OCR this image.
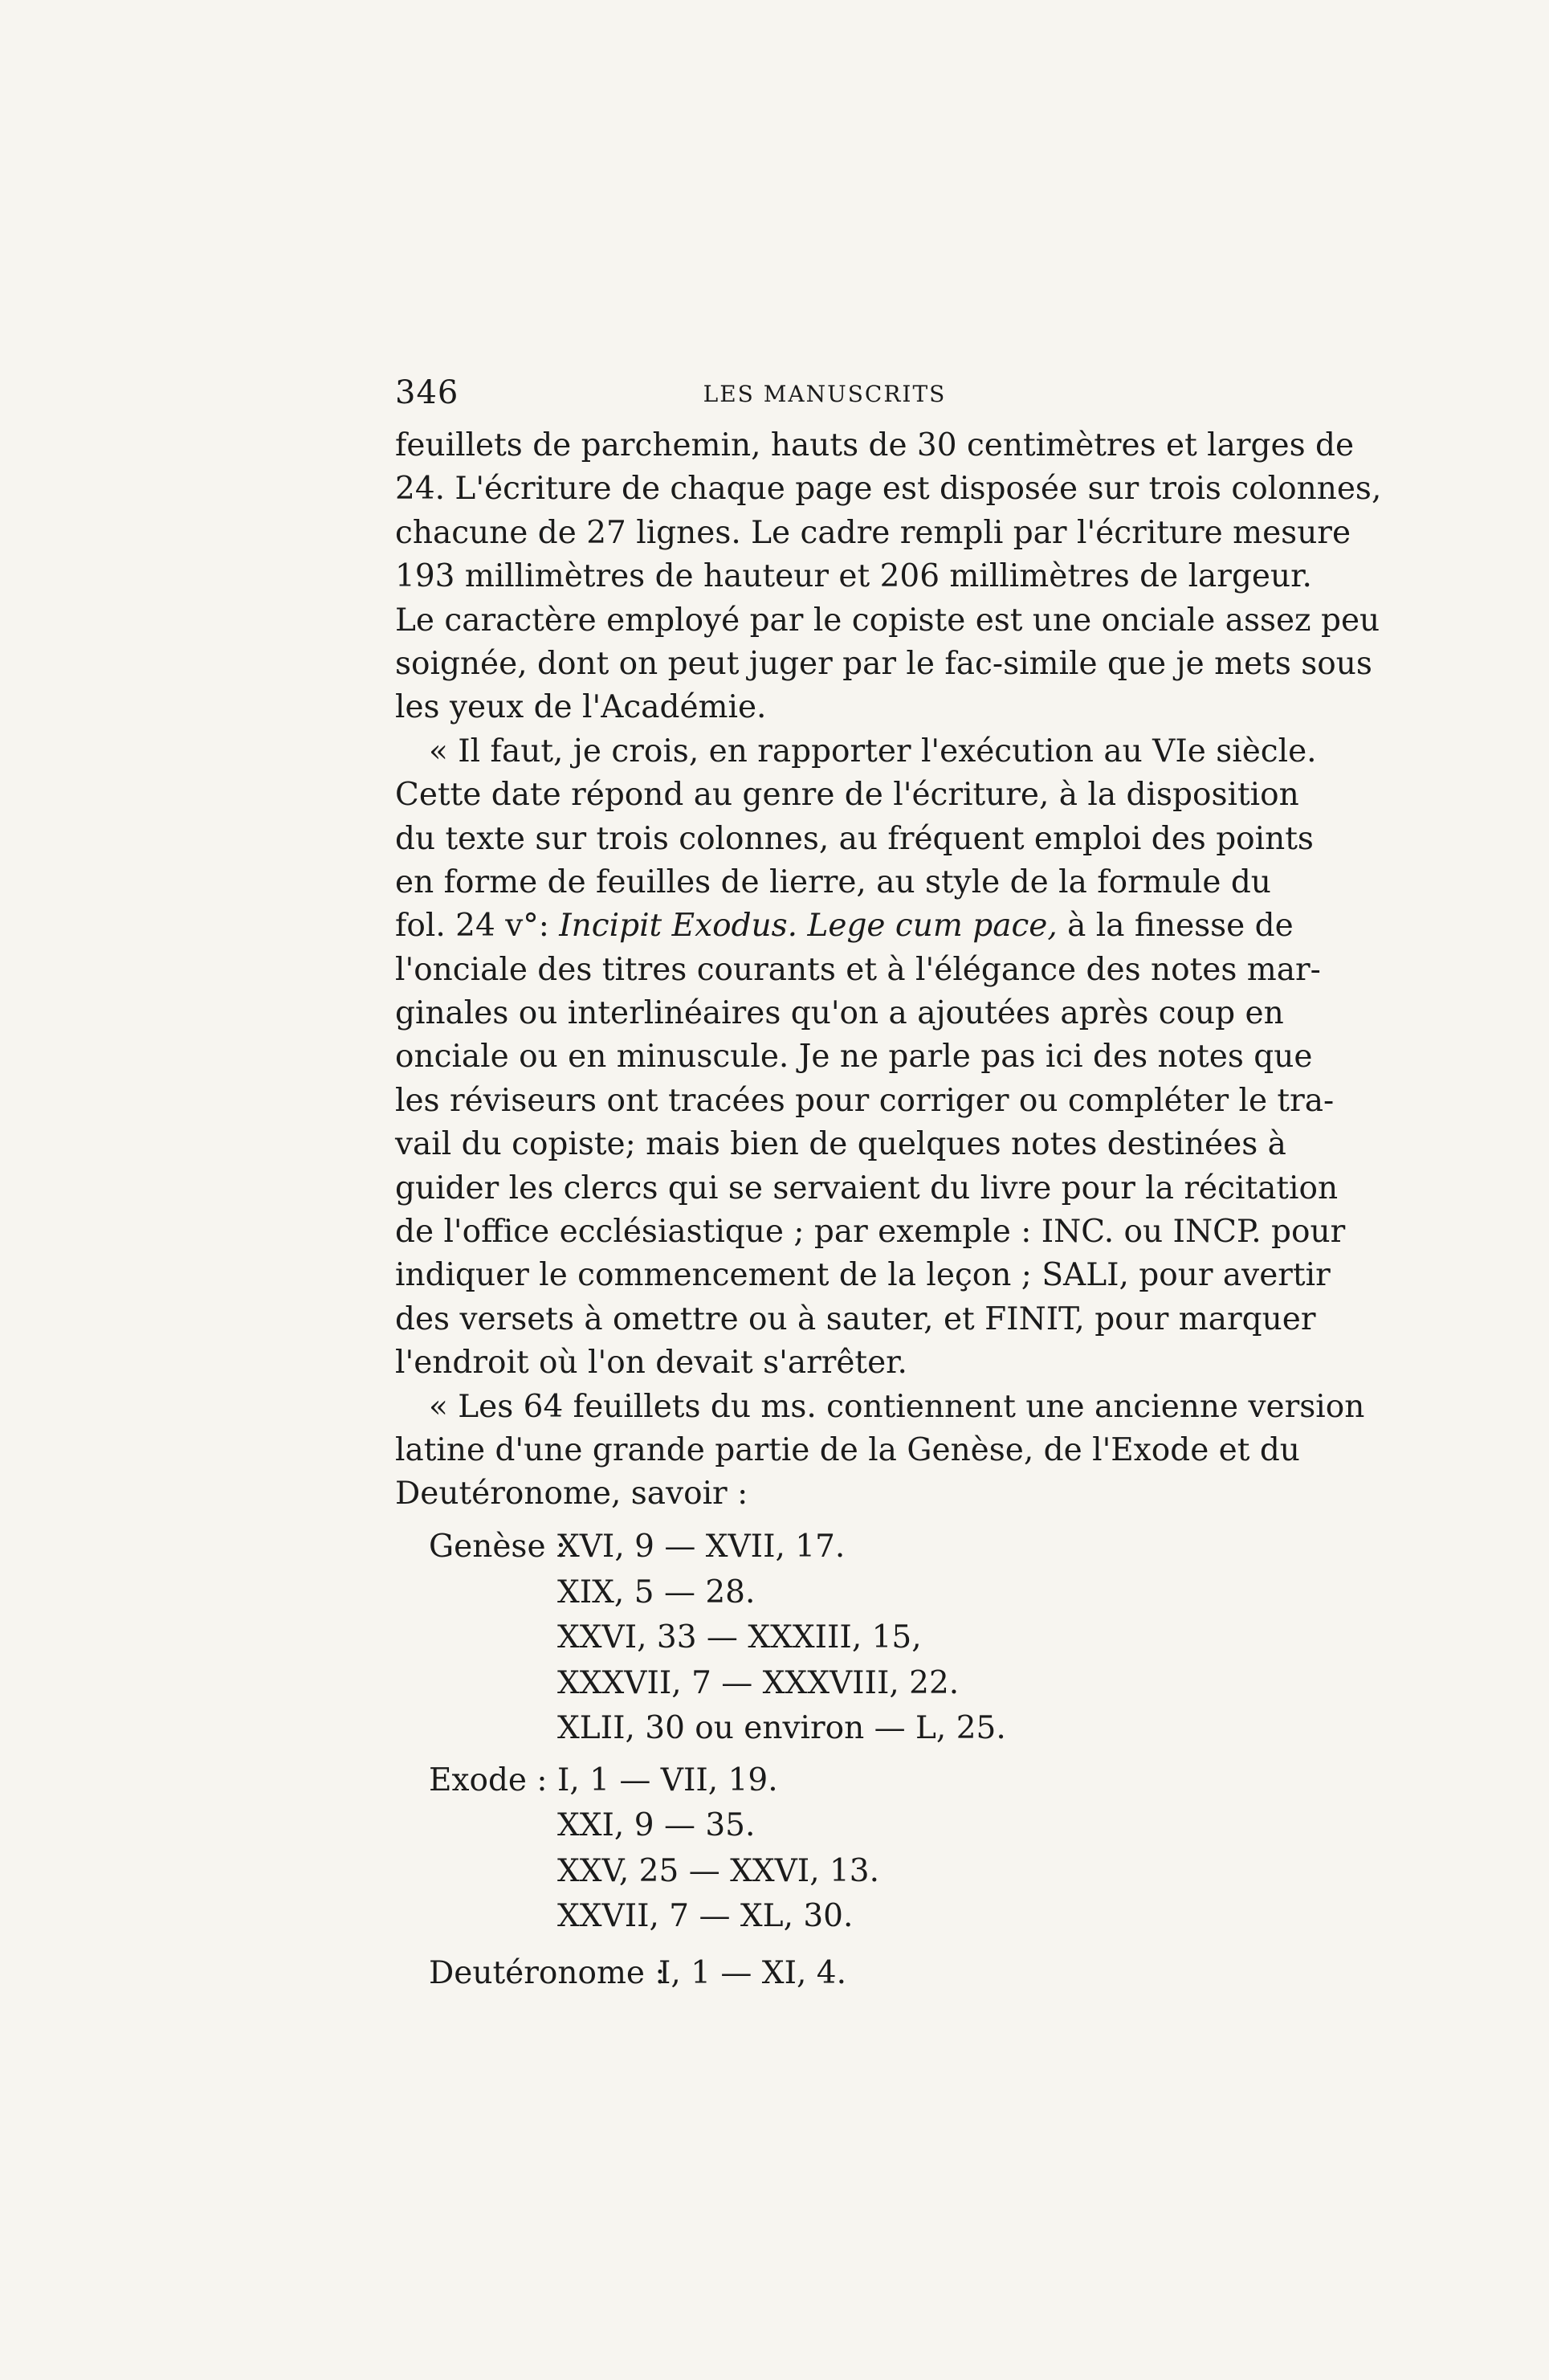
346	LES MANUSCRITS
feuillets de parchemin, hauts de 30 centimètres et larges de
24. L'écriture de chaque page est disposée sur trois colonnes,
chacune de 27 lignes. Le cadre rempli par l'écriture mesure
193 millimètres de hauteur et 206 millimètres de largeur.
Le caractère employé par le copiste est une onciale assez peu
soignée, dont on peut juger par le fac-simile que je mets sous
les yeux de l'Académie.
« Il faut, je crois, en rapporter l'exécution au VIe siècle.
Cette date répond au genre de l'écriture, à la disposition
du texte sur trois colonnes, au fréquent emploi des points
en forme de feuilles de lierre, au style de la formule du
fol. 24 v°: Incipit Exodus. Lege cum pace, à la finesse de
l'onciale des titres courants et à l'élégance des notes mar-
ginales ou interlinéaires qu'on a ajoutées après coup en
onciale ou en minuscule. Je ne parle pas ici des notes que
les réviseurs ont tracées pour corriger ou compléter le tra-
vail du copiste; mais bien de quelques notes destinées à
guider les clercs qui se servaient du livre pour la récitation
de l'office ecclésiastique ; par exemple : INC. ou INCP. pour
indiquer le commencement de la leçon ; SALI, pour avertir
des versets à omettre ou à sauter, et FINIT, pour marquer
l'endroit où l'on devait s'arrêter.
« Les 64 feuillets du ms. contiennent une ancienne version
latine d'une grande partie de la Genèse, de l'Exode et du
Deutéronome, savoir :
Genèse :
XVI, 9 — XVII, 17.
XIX, 5 — 28.
XXVI, 33 — XXXIII, 15,
XXXVII, 7 — XXXVIII, 22.
XLII, 30 ou environ — L, 25.
Exode : I, 1 — VII, 19.
XXI, 9 — 35.
XXV, 25 — XXVI, 13.
XXVII, 7 — XL, 30.
Deutéronome :
I, 1 — XI, 4.
